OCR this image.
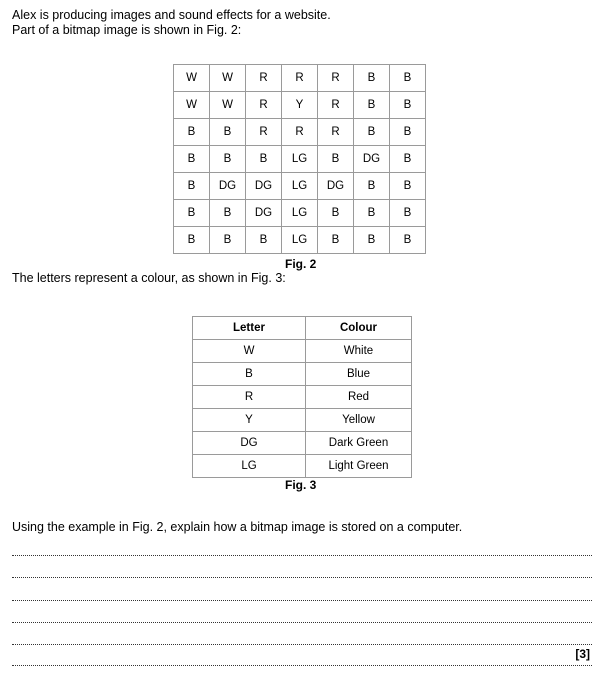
Alex is producing images and sound effects for a website.
Part of a bitmap image is shown in Fig. 2:
W	W	R	R	R	B	B
W	W	R	Y	R	B	B
B	B	R	R	R	B	B
B	B	B	LG	B	DG	B
B	DG	DG	LG	DG	B	B
B	B	DG	LG	B	B	B
B	B	B	LG	B	B	B
Fig. 2
The letters represent a colour, as shown in Fig. 3:
Letter	Colour
W	White
B	Blue
R	Red
Y	Yellow
DG	Dark Green
LG	Light Green
Fig. 3
Using the example in Fig. 2, explain how a bitmap image is stored on a computer.
[3]
